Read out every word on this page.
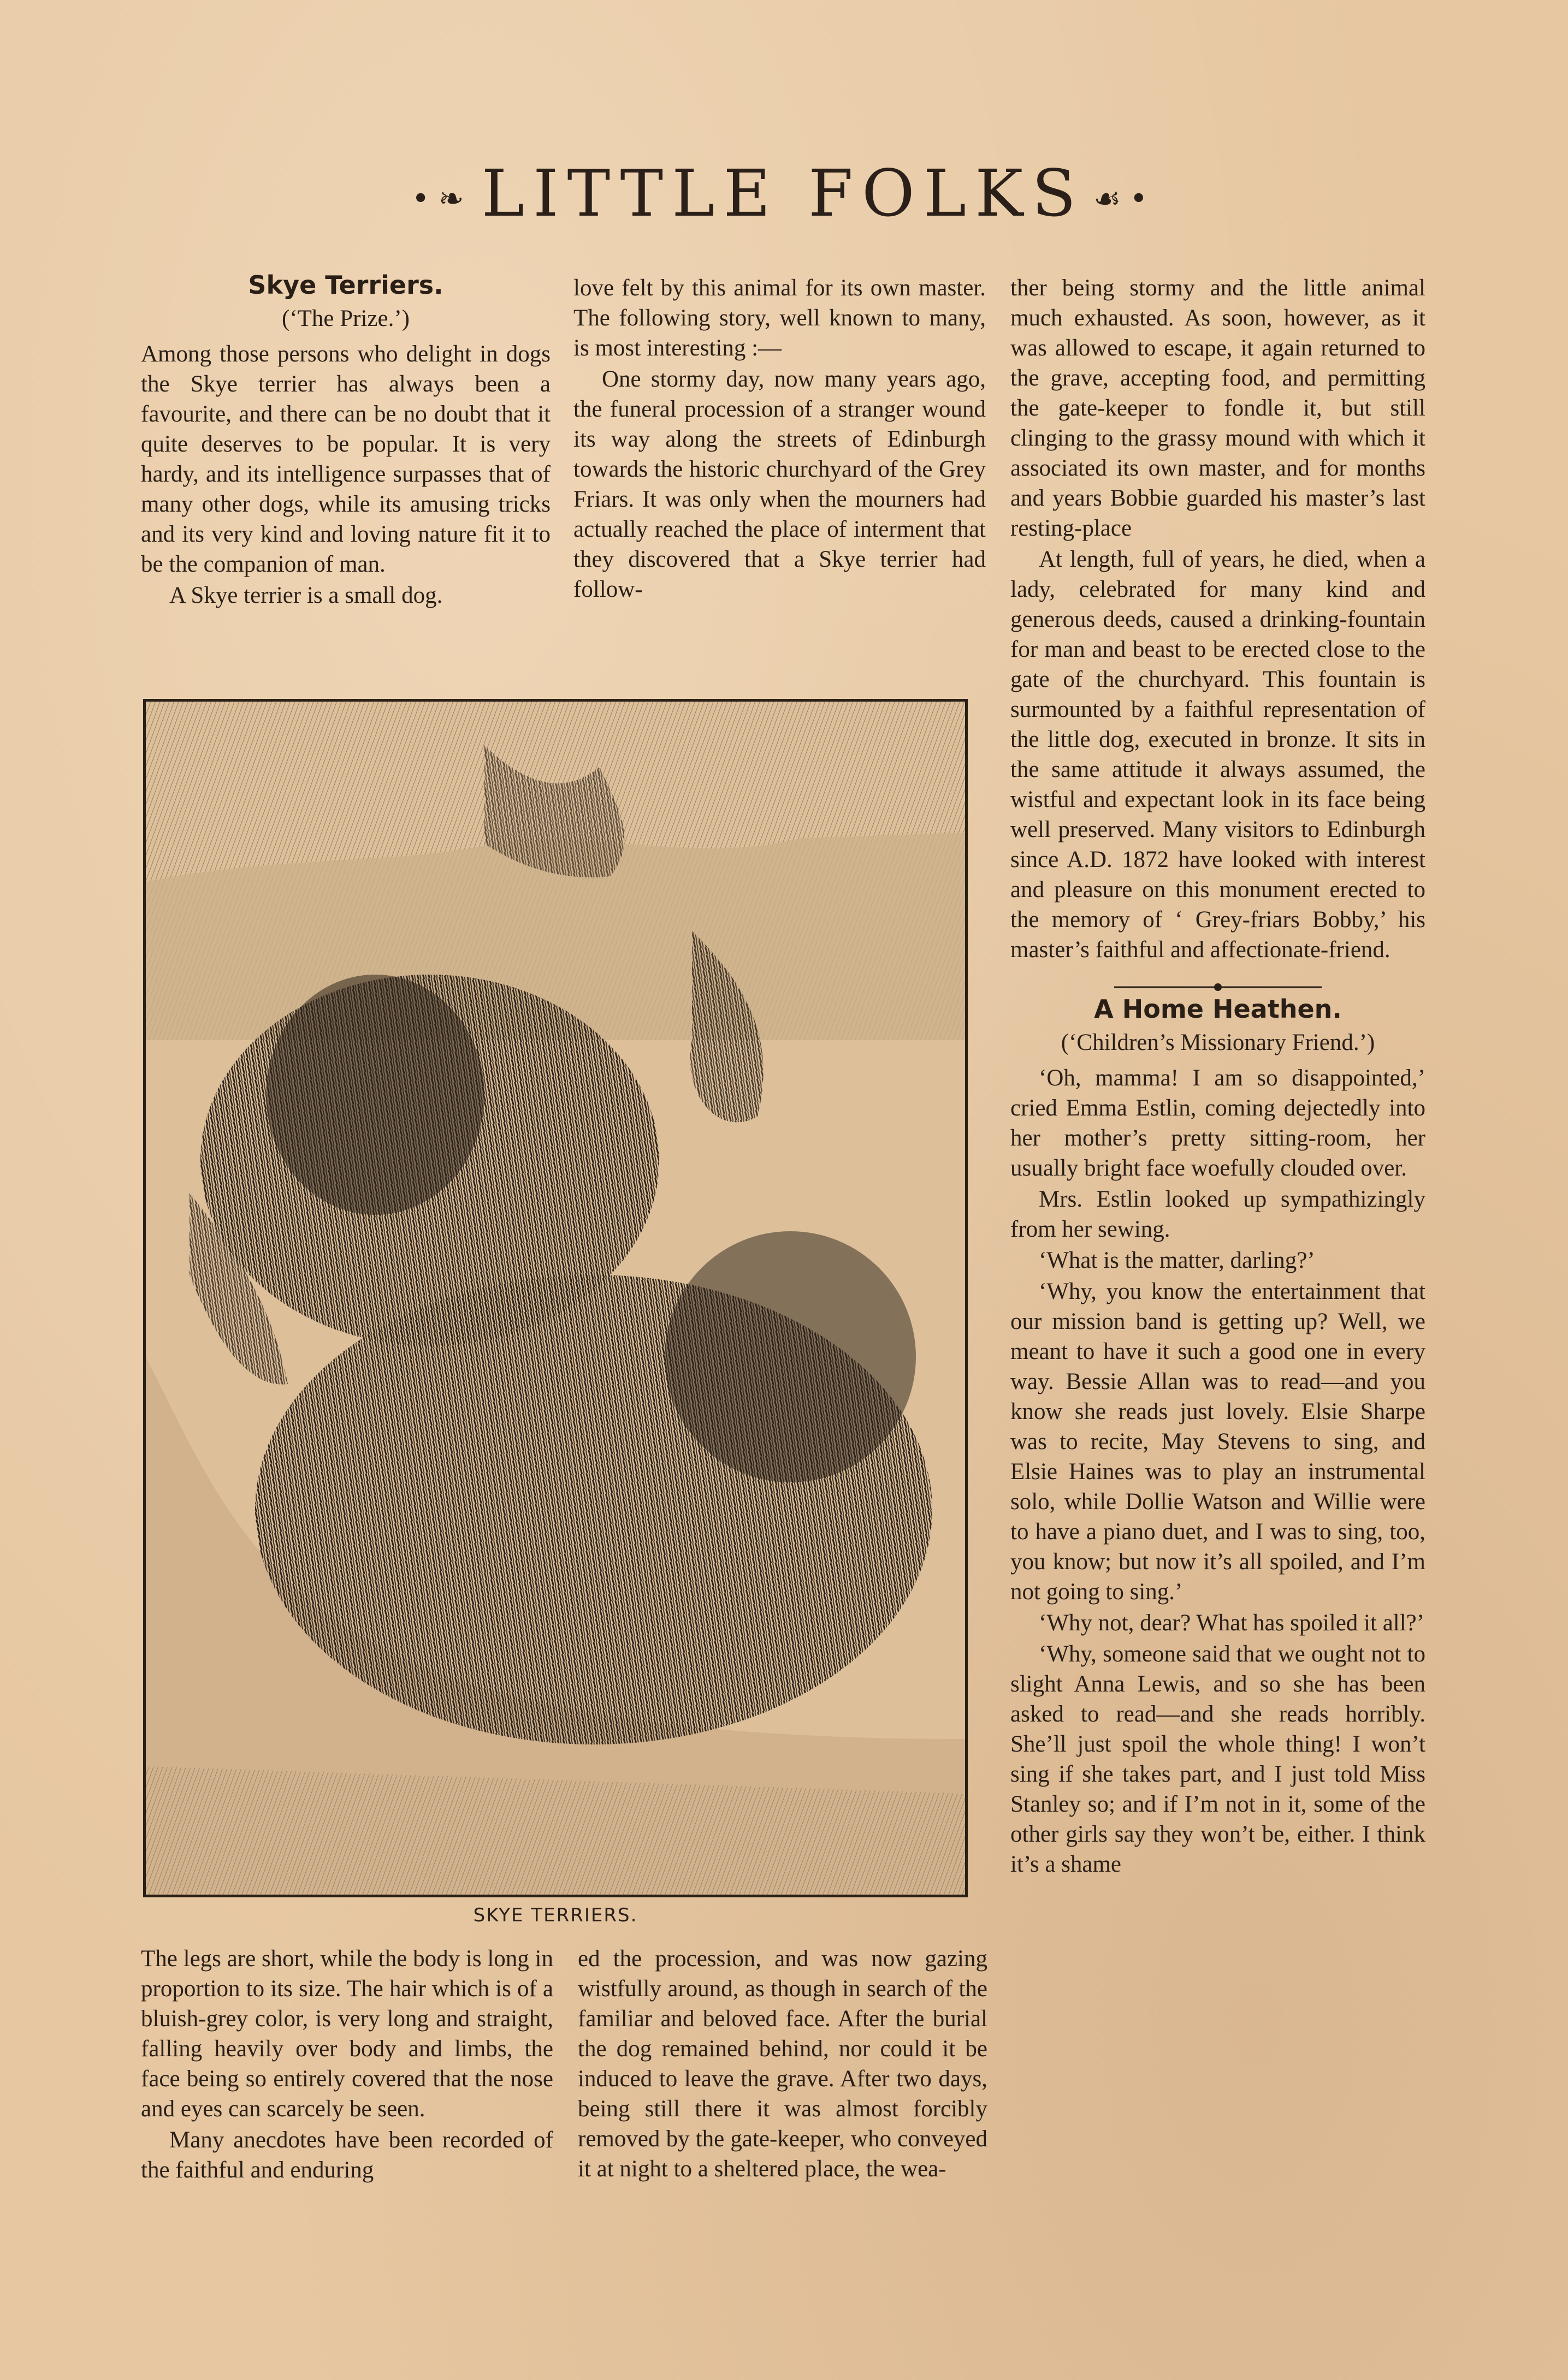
•❧ LITTLE FOLKS ☙•
Skye Terriers.
(‘The Prize.’)

Among those persons who delight in dogs the Skye terrier has always been a favourite, and there can be no doubt that it quite deserves to be popular. It is very hardy, and its intelligence surpasses that of many other dogs, while its amusing tricks and its very kind and loving nature fit it to be the companion of man.

A Skye terrier is a small dog.

love felt by this animal for its own master. The following story, well known to many, is most interesting :—

One stormy day, now many years ago, the funeral procession of a stranger wound its way along the streets of Edinburgh towards the historic churchyard of the Grey Friars. It was only when the mourners had actually reached the place of interment that they discovered that a Skye terrier had follow-

SKYE TERRIERS.

The legs are short, while the body is long in proportion to its size. The hair which is of a bluish-grey color, is very long and straight, falling heavily over body and limbs, the face being so entirely covered that the nose and eyes can scarcely be seen.

Many anecdotes have been recorded of the faithful and enduring

ed the procession, and was now gazing wistfully around, as though in search of the familiar and beloved face. After the burial the dog remained behind, nor could it be induced to leave the grave. After two days, being still there it was almost forcibly removed by the gate-keeper, who conveyed it at night to a sheltered place, the wea-

ther being stormy and the little animal much exhausted. As soon, however, as it was allowed to escape, it again returned to the grave, accepting food, and permitting the gate-keeper to fondle it, but still clinging to the grassy mound with which it associated its own master, and for months and years Bobbie guarded his master’s last resting-place

At length, full of years, he died, when a lady, celebrated for many kind and generous deeds, caused a drinking-fountain for man and beast to be erected close to the gate of the churchyard. This fountain is surmounted by a faithful representation of the little dog, executed in bronze. It sits in the same attitude it always assumed, the wistful and expectant look in its face being well preserved. Many visitors to Edinburgh since A.D. 1872 have looked with interest and pleasure on this monument erected to the memory of ‘ Grey-friars Bobby,’ his master’s faithful and affectionate-friend.

A Home Heathen.
(‘Children’s Missionary Friend.’)

‘Oh, mamma! I am so disappointed,’ cried Emma Estlin, coming dejectedly into her mother’s pretty sitting-room, her usually bright face woefully clouded over.

Mrs. Estlin looked up sympathizingly from her sewing.

‘What is the matter, darling?’

‘Why, you know the entertainment that our mission band is getting up? Well, we meant to have it such a good one in every way. Bessie Allan was to read—and you know she reads just lovely. Elsie Sharpe was to recite, May Stevens to sing, and Elsie Haines was to play an instrumental solo, while Dollie Watson and Willie were to have a piano duet, and I was to sing, too, you know; but now it’s all spoiled, and I’m not going to sing.’

‘Why not, dear? What has spoiled it all?’

‘Why, someone said that we ought not to slight Anna Lewis, and so she has been asked to read—and she reads horribly. She’ll just spoil the whole thing! I won’t sing if she takes part, and I just told Miss Stanley so; and if I’m not in it, some of the other girls say they won’t be, either. I think it’s a shame
